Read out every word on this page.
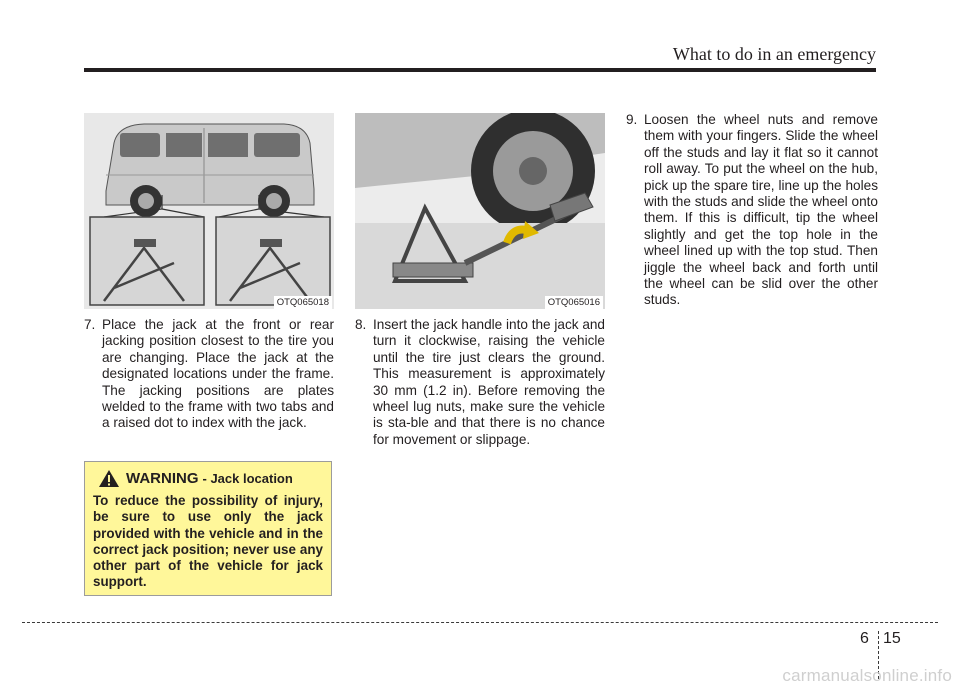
What to do in an emergency
OTQ065018	OTQ065016
7. Place the jack at the front or rear jacking position closest to the tire you are changing. Place the jack at the designated locations under the frame. The jacking positions are plates welded to the frame with two tabs and a raised dot to index with the jack.
8. Insert the jack handle into the jack and turn it clockwise, raising the vehicle until the tire just clears the ground. This measurement is approximately 30 mm (1.2 in). Before removing the wheel lug nuts, make sure the vehicle is sta-ble and that there is no chance for movement or slippage.
9. Loosen the wheel nuts and remove them with your fingers. Slide the wheel off the studs and lay it flat so it cannot roll away. To put the wheel on the hub, pick up the spare tire, line up the holes with the studs and slide the wheel onto them. If this is difficult, tip the wheel slightly and get the top hole in the wheel lined up with the top stud. Then jiggle the wheel back and forth until the wheel can be slid over the other studs.
WARNING - Jack location
To reduce the possibility of injury, be sure to use only the jack provided with the vehicle and in the correct jack position; never use any other part of the vehicle for jack support.
6 15
carmanualsonline.info
